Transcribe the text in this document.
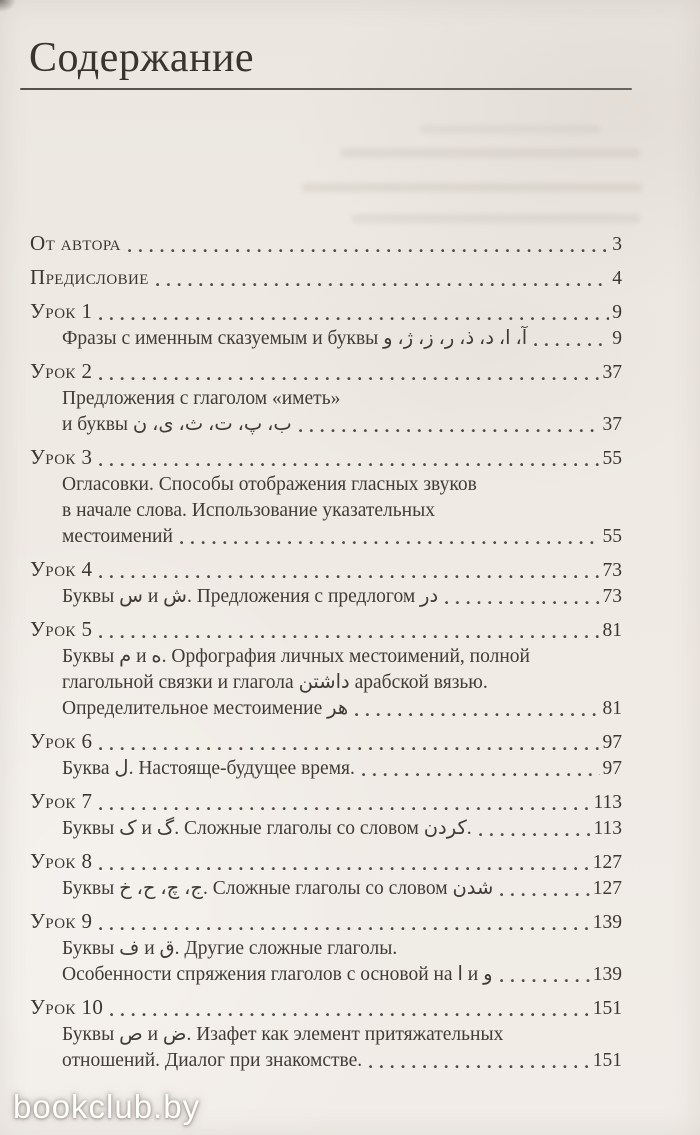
Содержание
От автора	3
Предисловие	4
Урок 1	9
Фразы с именным сказуемым и буквы آ، ا، د، ذ، ر، ز، ژ، و	9
Урок 2	37
Предложения с глаголом «иметь»
и буквы ب، پ، ت، ث، ی، ن	37
Урок 3	55
Огласовки. Способы отображения гласных звуков
в начале слова. Использование указательных
местоимений	55
Урок 4	73
Буквы س и ش. Предложения с предлогом در	73
Урок 5	81
Буквы م и ه. Орфография личных местоимений, полной
глагольной связки и глагола داشتن арабской вязью.
Определительное местоимение هر	81
Урок 6	97
Буква ل. Настояще-будущее время.	97
Урок 7	113
Буквы ک и گ. Сложные глаголы со словом کردن.	113
Урок 8	127
Буквы ج، چ، ح، خ. Сложные глаголы со словом شدن	127
Урок 9	139
Буквы ف и ق. Другие сложные глаголы.
Особенности спряжения глаголов с основой на ا и و	139
Урок 10	151
Буквы ص и ض. Изафет как элемент притяжательных
отношений. Диалог при знакомстве.	151
bookclub.by
